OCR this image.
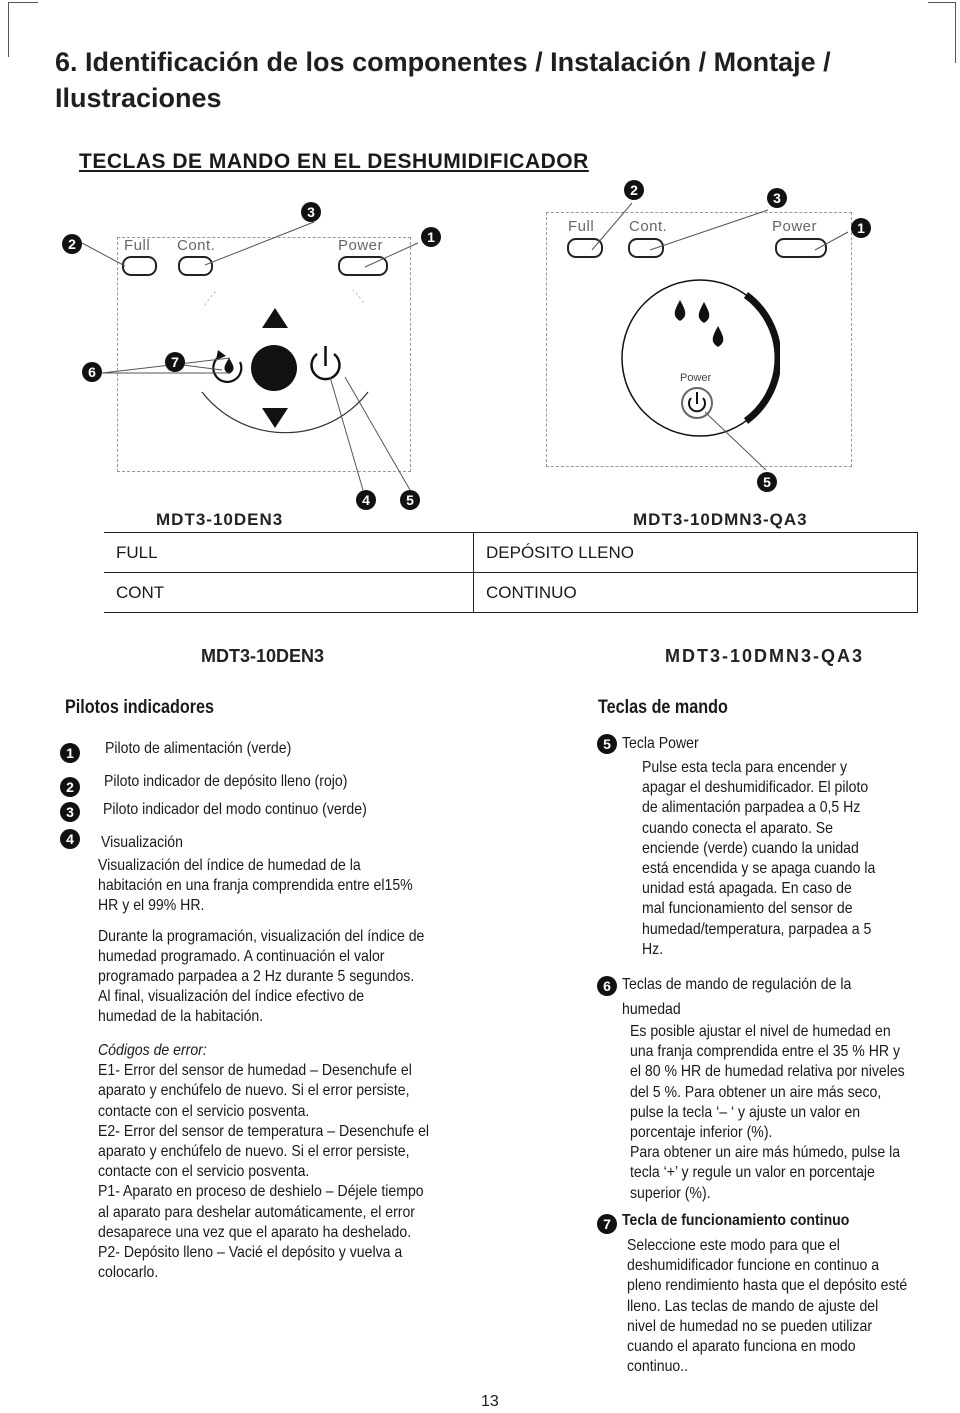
6. Identificación de los componentes / Instalación / Montaje / Ilustraciones
TECLAS DE MANDO EN EL DESHUMIDIFICADOR
Full Cont.	Power
Full Cont.	Power
Power
3
2	1
2	3
1
6
7
4	5
5
MDT3-10DEN3	MDT3-10DMN3-QA3
FULL	DEPÓSITO LLENO
CONT	CONTINUO
MDT3-10DEN3	MDT3-10DMN3-QA3
Pilotos indicadores
1	Piloto de alimentación (verde)
2	Piloto indicador de depósito lleno (rojo)
3	Piloto indicador del modo continuo (verde)
4	Visualización

Visualización del índice de humedad de la habitación en una franja comprendida entre el15% HR y el 99% HR.

Durante la programación, visualización del índice de humedad programado. A continuación el valor programado parpadea a 2 Hz durante 5 segundos. Al final, visualización del índice efectivo de humedad de la habitación.

Códigos de error:

E1- Error del sensor de humedad – Desenchufe el aparato y enchúfelo de nuevo. Si el error persiste, contacte con el servicio posventa.

E2- Error del sensor de temperatura – Desenchufe el aparato y enchúfelo de nuevo. Si el error persiste, contacte con el servicio posventa.

P1- Aparato en proceso de deshielo – Déjele tiempo al aparato para deshelar automáticamente, el error desaparece una vez que el aparato ha deshelado.

P2- Depósito lleno – Vacié el depósito y vuelva a colocarlo.

Teclas de mando
5 Tecla Power
Pulse esta tecla para encender y apagar el deshumidificador. El piloto de alimentación parpadea a 0,5 Hz cuando conecta el aparato. Se enciende (verde) cuando la unidad está encendida y se apaga cuando la unidad está apagada. En caso de mal funcionamiento del sensor de humedad/temperatura, parpadea a 5 Hz.
6 Teclas de mando de regulación de la humedad

Es posible ajustar el nivel de humedad en una franja comprendida entre el 35 % HR y el 80 % HR de humedad relativa por niveles del 5 %. Para obtener un aire más seco, pulse la tecla ‘– ‘ y ajuste un valor en porcentaje inferior (%).

Para obtener un aire más húmedo, pulse la tecla ‘+’ y regule un valor en porcentaje superior (%).

7 Tecla de funcionamiento continuo
Seleccione este modo para que el deshumidificador funcione en continuo a pleno rendimiento hasta que el depósito esté lleno. Las teclas de mando de ajuste del nivel de humedad no se pueden utilizar cuando el aparato funciona en modo continuo..
13
